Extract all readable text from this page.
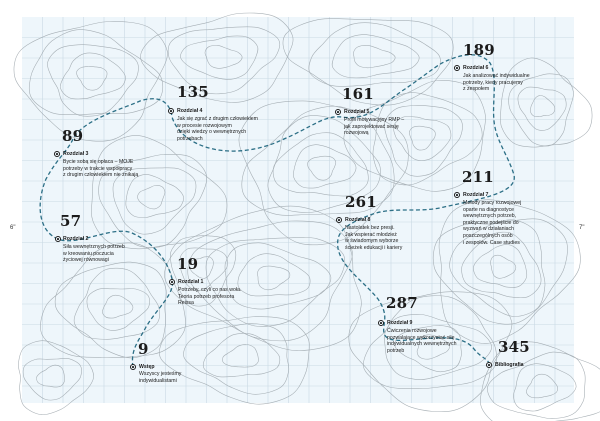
6"	7"
9
Wstęp
Wszyscy jesteśmy
indywidualistami
19
Rozdział 1
Potrzeby, czyli co nas woła.
Teoria potrzeb profesora
Reissa
57
Rozdział 2
Siła wewnętrznych potrzeb
w kreowaniu poczucia
życiowej równowagi
89
Rozdział 3
Bycie sobą się opłaca – MOJE
potrzeby w trakcie współpracy
z drugim człowiekiem nie znikają
135
Rozdział 4
Jak się zgrać z drugim człowiekiem
w procesie rozwojowym
dzięki wiedzy o wewnętrznych
potrzebach
161
Rozdział 5
Profil motywacyjny RMP –
jak zaprojektować sesję
rozwojową
189
Rozdział 6
Jak analizować indywidualne
potrzeby, kiedy pracujemy
z zespołem
211
Rozdział 7
Metody pracy rozwojowej
oparte na diagnostyce
wewnętrznych potrzeb,
praktyczne podejście do
wyzwań w działaniach
poszczególnych osób
i zespołów. Case studies
261
Rozdział 8
Nastolatek bez presji.
Jak wspierać młodzież
w świadomym wyborze
ścieżek edukacji i kariery
287
Rozdział 9
Ćwiczenia rozwojowe
pozwalające wykorzystać siłę
indywidualnych wewnętrznych
potrzeb	345
Bibliografia
